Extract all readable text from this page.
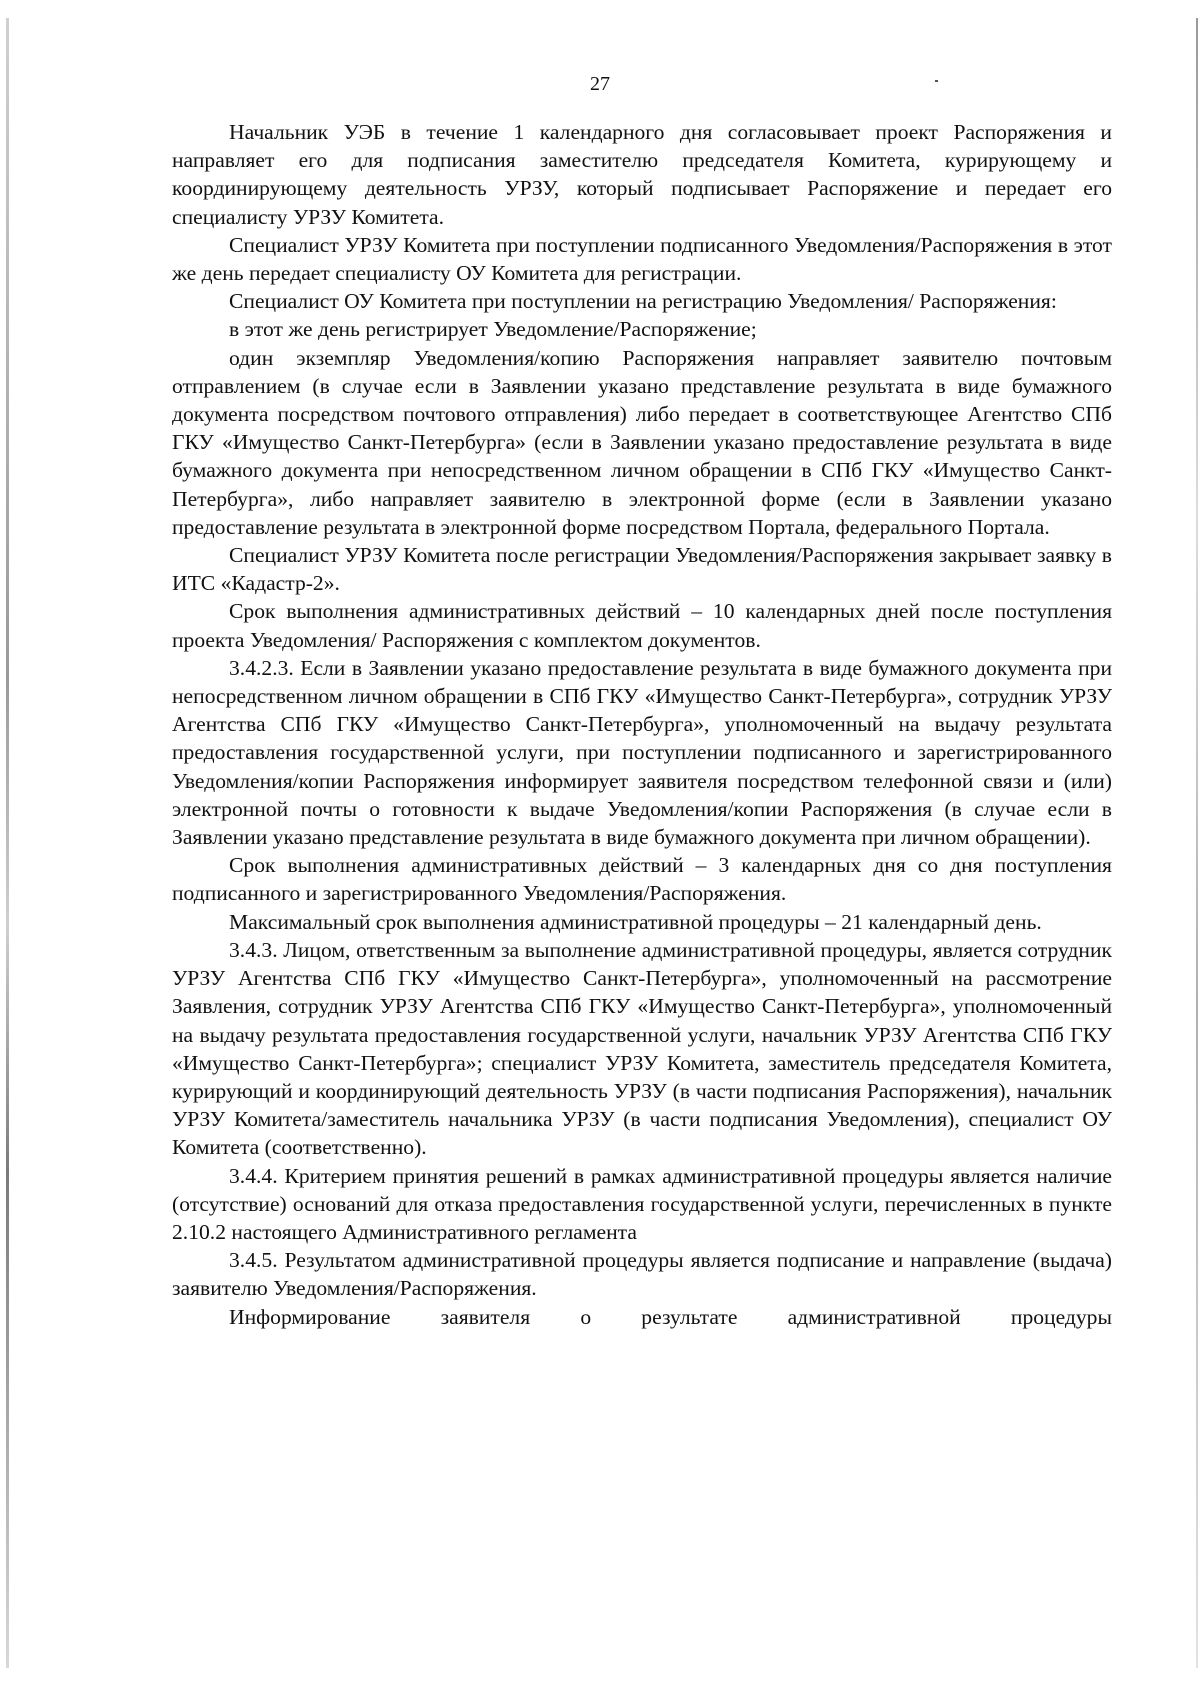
27

Начальник УЭБ в течение 1 календарного дня согласовывает проект Распоряжения и направляет его для подписания заместителю председателя Комитета, курирующему и координирующему деятельность УРЗУ, который подписывает Распоряжение и передает его специалисту УРЗУ Комитета.

Специалист УРЗУ Комитета при поступлении подписанного Уведомления/Распоряжения в этот же день передает специалисту ОУ Комитета для регистрации.

Специалист ОУ Комитета при поступлении на регистрацию Уведомления/ Распоряжения:

в этот же день регистрирует Уведомление/Распоряжение;

один экземпляр Уведомления/копию Распоряжения направляет заявителю почтовым отправлением (в случае если в Заявлении указано представление результата в виде бумажного документа посредством почтового отправления) либо передает в соответствующее Агентство СПб ГКУ «Имущество Санкт-Петербурга» (если в Заявлении указано предоставление результата в виде бумажного документа при непосредственном личном обращении в СПб ГКУ «Имущество Санкт-Петербурга», либо направляет заявителю в электронной форме (если в Заявлении указано предоставление результата в электронной форме посредством Портала, федерального Портала.

Специалист УРЗУ Комитета после регистрации Уведомления/Распоряжения закрывает заявку в ИТС «Кадастр-2».

Срок выполнения административных действий – 10 календарных дней после поступления проекта Уведомления/ Распоряжения с комплектом документов.

3.4.2.3. Если в Заявлении указано предоставление результата в виде бумажного документа при непосредственном личном обращении в СПб ГКУ «Имущество Санкт-Петербурга», сотрудник УРЗУ Агентства СПб ГКУ «Имущество Санкт-Петербурга», уполномоченный на выдачу результата предоставления государственной услуги, при поступлении подписанного и зарегистрированного Уведомления/копии Распоряжения информирует заявителя посредством телефонной связи и (или) электронной почты о готовности к выдаче Уведомления/копии Распоряжения (в случае если в Заявлении указано представление результата в виде бумажного документа при личном обращении).

Срок выполнения административных действий – 3 календарных дня со дня поступления подписанного и зарегистрированного Уведомления/Распоряжения.

Максимальный срок выполнения административной процедуры – 21 календарный день.

3.4.3. Лицом, ответственным за выполнение административной процедуры, является сотрудник УРЗУ Агентства СПб ГКУ «Имущество Санкт-Петербурга», уполномоченный на рассмотрение Заявления, сотрудник УРЗУ Агентства СПб ГКУ «Имущество Санкт-Петербурга», уполномоченный на выдачу результата предоставления государственной услуги, начальник УРЗУ Агентства СПб ГКУ «Имущество Санкт-Петербурга»; специалист УРЗУ Комитета, заместитель председателя Комитета, курирующий и координирующий деятельность УРЗУ (в части подписания Распоряжения), начальник УРЗУ Комитета/заместитель начальника УРЗУ (в части подписания Уведомления), специалист ОУ Комитета (соответственно).

3.4.4. Критерием принятия решений в рамках административной процедуры является наличие (отсутствие) оснований для отказа предоставления государственной услуги, перечисленных в пункте 2.10.2 настоящего Административного регламента

3.4.5. Результатом административной процедуры является подписание и направление (выдача) заявителю Уведомления/Распоряжения.

Информирование заявителя о результате административной процедуры
